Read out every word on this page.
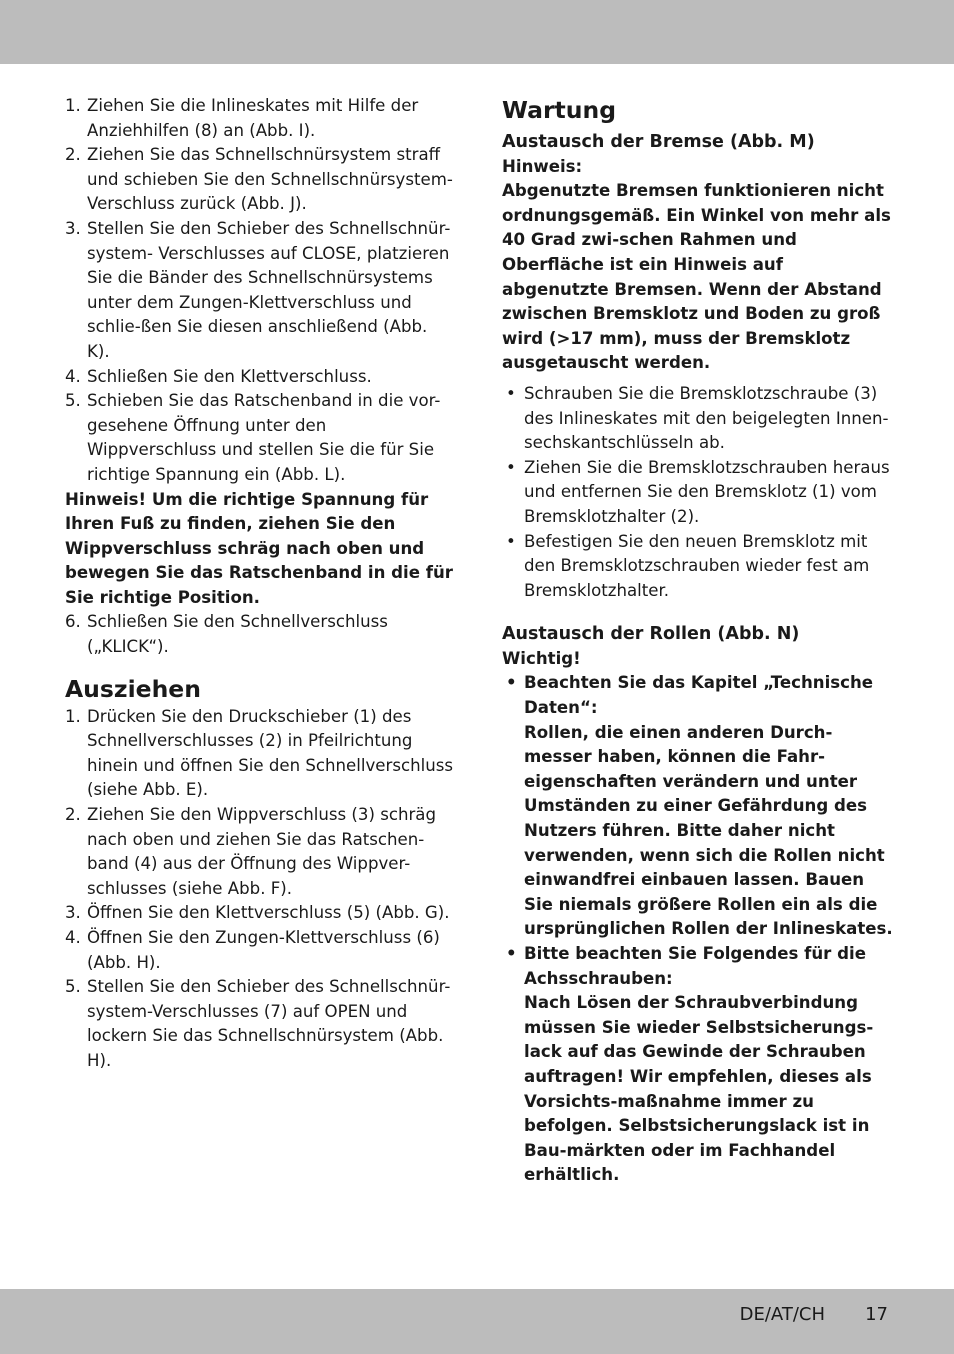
1. Ziehen Sie die Inlineskates mit Hilfe der Anziehhilfen (8) an (Abb. I).
2. Ziehen Sie das Schnellschnürsystem straff und schieben Sie den Schnellschnürsystem-Verschluss zurück (Abb. J).
3. Stellen Sie den Schieber des Schnellschnür-system- Verschlusses auf CLOSE, platzieren Sie die Bänder des Schnellschnürsystems unter dem Zungen-Klettverschluss und schlie-ßen Sie diesen anschließend (Abb. K).
4. Schließen Sie den Klettverschluss.
5. Schieben Sie das Ratschenband in die vor-gesehene Öffnung unter den Wippverschluss und stellen Sie die für Sie richtige Spannung ein (Abb. L).

Hinweis! Um die richtige Spannung für Ihren Fuß zu finden, ziehen Sie den Wippverschluss schräg nach oben und bewegen Sie das Ratschenband in die für Sie richtige Position.

6. Schließen Sie den Schnellverschluss („KLICK“).
Ausziehen
1. Drücken Sie den Druckschieber (1) des Schnellverschlusses (2) in Pfeilrichtung hinein und öffnen Sie den Schnellverschluss (siehe Abb. E).
2. Ziehen Sie den Wippverschluss (3) schräg nach oben und ziehen Sie das Ratschen-band (4) aus der Öffnung des Wippver-schlusses (siehe Abb. F).
3. Öffnen Sie den Klettverschluss (5) (Abb. G).
4. Öffnen Sie den Zungen-Klettverschluss (6) (Abb. H).
5. Stellen Sie den Schieber des Schnellschnür-system-Verschlusses (7) auf OPEN und lockern Sie das Schnellschnürsystem (Abb. H).
Wartung
Austausch der Bremse (Abb. M)

Hinweis:

Abgenutzte Bremsen funktionieren nicht ordnungsgemäß. Ein Winkel von mehr als 40 Grad zwi-schen Rahmen und Oberfläche ist ein Hinweis auf abgenutzte Bremsen. Wenn der Abstand zwischen Bremsklotz und Boden zu groß wird (>17 mm), muss der Bremsklotz ausgetauscht werden.

• Schrauben Sie die Bremsklotzschraube (3) des Inlineskates mit den beigelegten Innen-sechskantschlüsseln ab.
• Ziehen Sie die Bremsklotzschrauben heraus und entfernen Sie den Bremsklotz (1) vom Bremsklotzhalter (2).
• Befestigen Sie den neuen Bremsklotz mit den Bremsklotzschrauben wieder fest am Bremsklotzhalter.
Austausch der Rollen (Abb. N)

Wichtig!

• Beachten Sie das Kapitel „Technische Daten“:
Rollen, die einen anderen Durch-messer haben, können die Fahr-eigenschaften verändern und unter Umständen zu einer Gefährdung des Nutzers führen. Bitte daher nicht verwenden, wenn sich die Rollen nicht einwandfrei einbauen lassen. Bauen Sie niemals größere Rollen ein als die ursprünglichen Rollen der Inlineskates.
• Bitte beachten Sie Folgendes für die Achsschrauben:
Nach Lösen der Schraubverbindung müssen Sie wieder Selbstsicherungs-lack auf das Gewinde der Schrauben auftragen! Wir empfehlen, dieses als Vorsichts-maßnahme immer zu befolgen. Selbstsicherungslack ist in Bau-märkten oder im Fachhandel erhältlich.
DE/AT/CH 17
